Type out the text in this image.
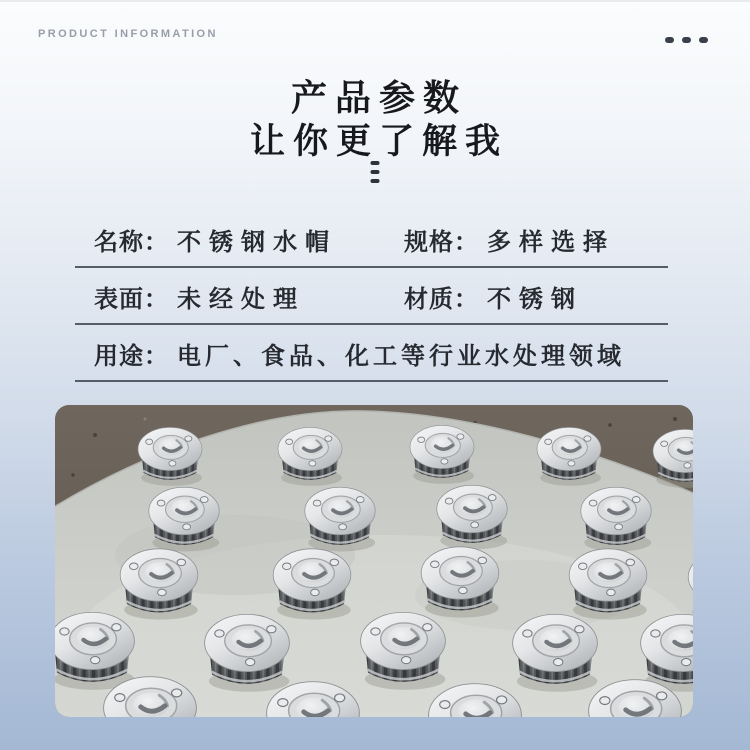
PRODUCT INFORMATION
产品参数
让你更了解我
名称： 不锈钢水帽	规格： 多样选择
表面： 未经处理	材质： 不锈钢
用途： 电厂、食品、化工等行业水处理领域
